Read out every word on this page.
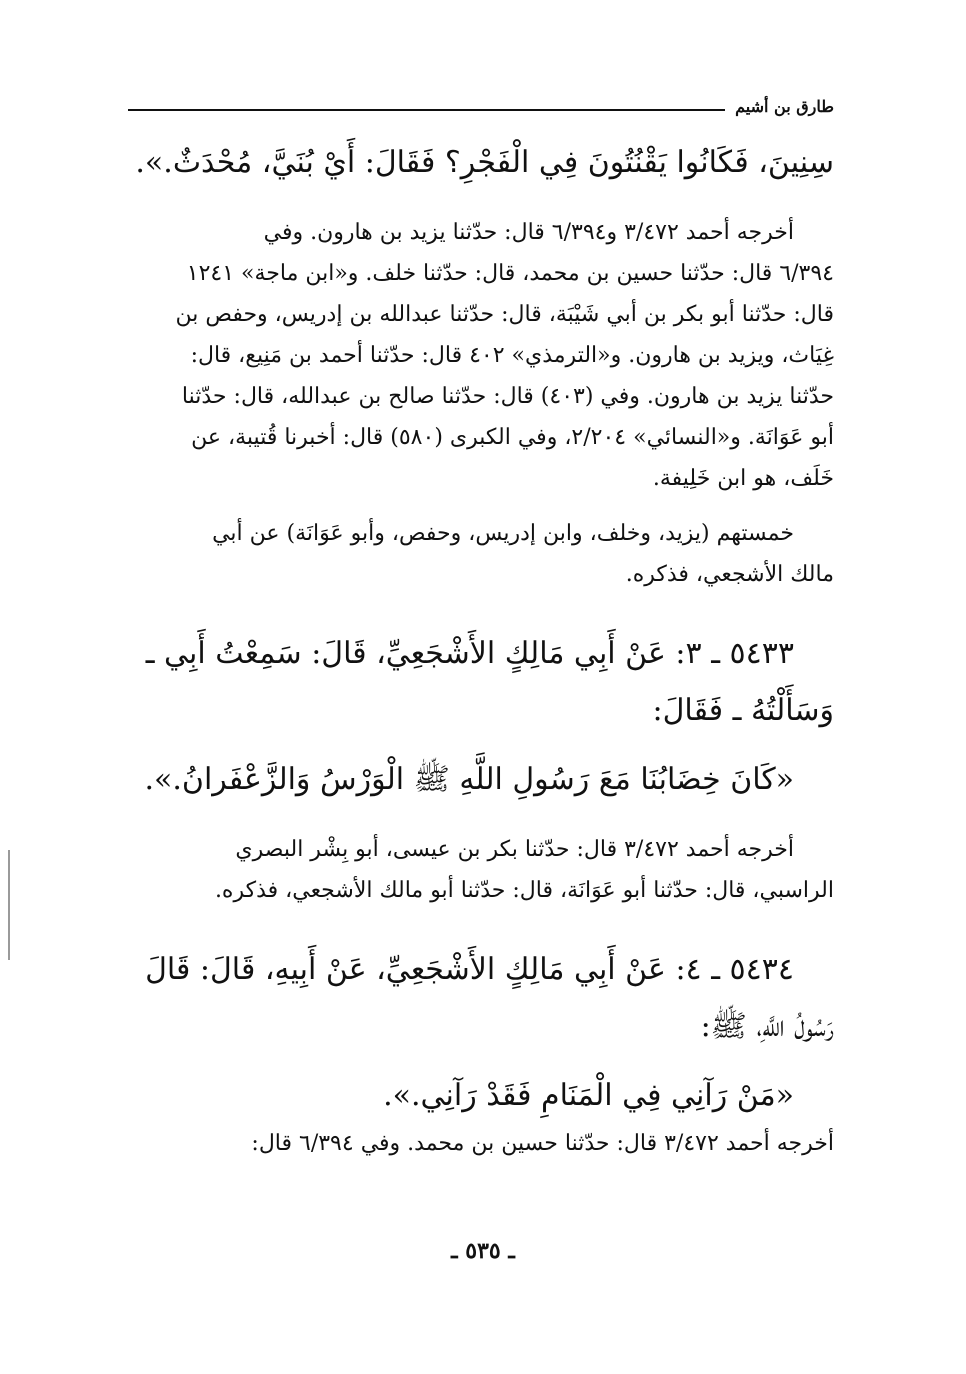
طارق بن أشيم
سِنِينَ، فَكَانُوا يَقْنُتُونَ فِي الْفَجْرِ؟ فَقَالَ: أَيْ بُنَيَّ، مُحْدَثٌ.».
أخرجه أحمد ٣/٤٧٢ و٦/٣٩٤ قال: حدّثنا يزيد بن هارون. وفي
٦/٣٩٤ قال: حدّثنا حسين بن محمد، قال: حدّثنا خلف. و«ابن ماجة» ١٢٤١
قال: حدّثنا أبو بكر بن أبي شَيْبَة، قال: حدّثنا عبدالله بن إدريس، وحفص بن
غِيَاث، ويزيد بن هارون. و«الترمذي» ٤٠٢ قال: حدّثنا أحمد بن مَنِيع، قال:
حدّثنا يزيد بن هارون. وفي (٤٠٣) قال: حدّثنا صالح بن عبدالله، قال: حدّثنا
أبو عَوَانَة. و«النسائي» ٢/٢٠٤، وفي الكبرى (٥٨٠) قال: أخبرنا قُتيبة، عن
خَلَف، هو ابن خَلِيفة.
خمستهم (يزيد، وخلف، وابن إدريس، وحفص، وأبو عَوَانَة) عن أبي
مالك الأشجعي، فذكره.
٥٤٣٣ ـ ٣: عَنْ أَبِي مَالِكٍ الأَشْجَعِيِّ، قَالَ: سَمِعْتُ أَبِي ـ
وَسَأَلْتُهُ ـ فَقَالَ:
«كَانَ خِضَابُنَا مَعَ رَسُولِ اللَّهِ ﷺ الْوَرْسُ وَالزَّعْفَرانُ.».
أخرجه أحمد ٣/٤٧٢ قال: حدّثنا بكر بن عيسى، أبو بِشْر البصري
الراسبي، قال: حدّثنا أبو عَوَانَة، قال: حدّثنا أبو مالك الأشجعي، فذكره.
٥٤٣٤ ـ ٤: عَنْ أَبِي مَالِكٍ الأَشْجَعِيِّ، عَنْ أَبِيهِ، قَالَ: قَالَ
رَسُولُ اللَّهِ، ﷺ:
«مَنْ رَآنِي فِي الْمَنَامِ فَقَدْ رَآنِي.».
أخرجه أحمد ٣/٤٧٢ قال: حدّثنا حسين بن محمد. وفي ٦/٣٩٤ قال:
ـ ٥٣٥ ـ
